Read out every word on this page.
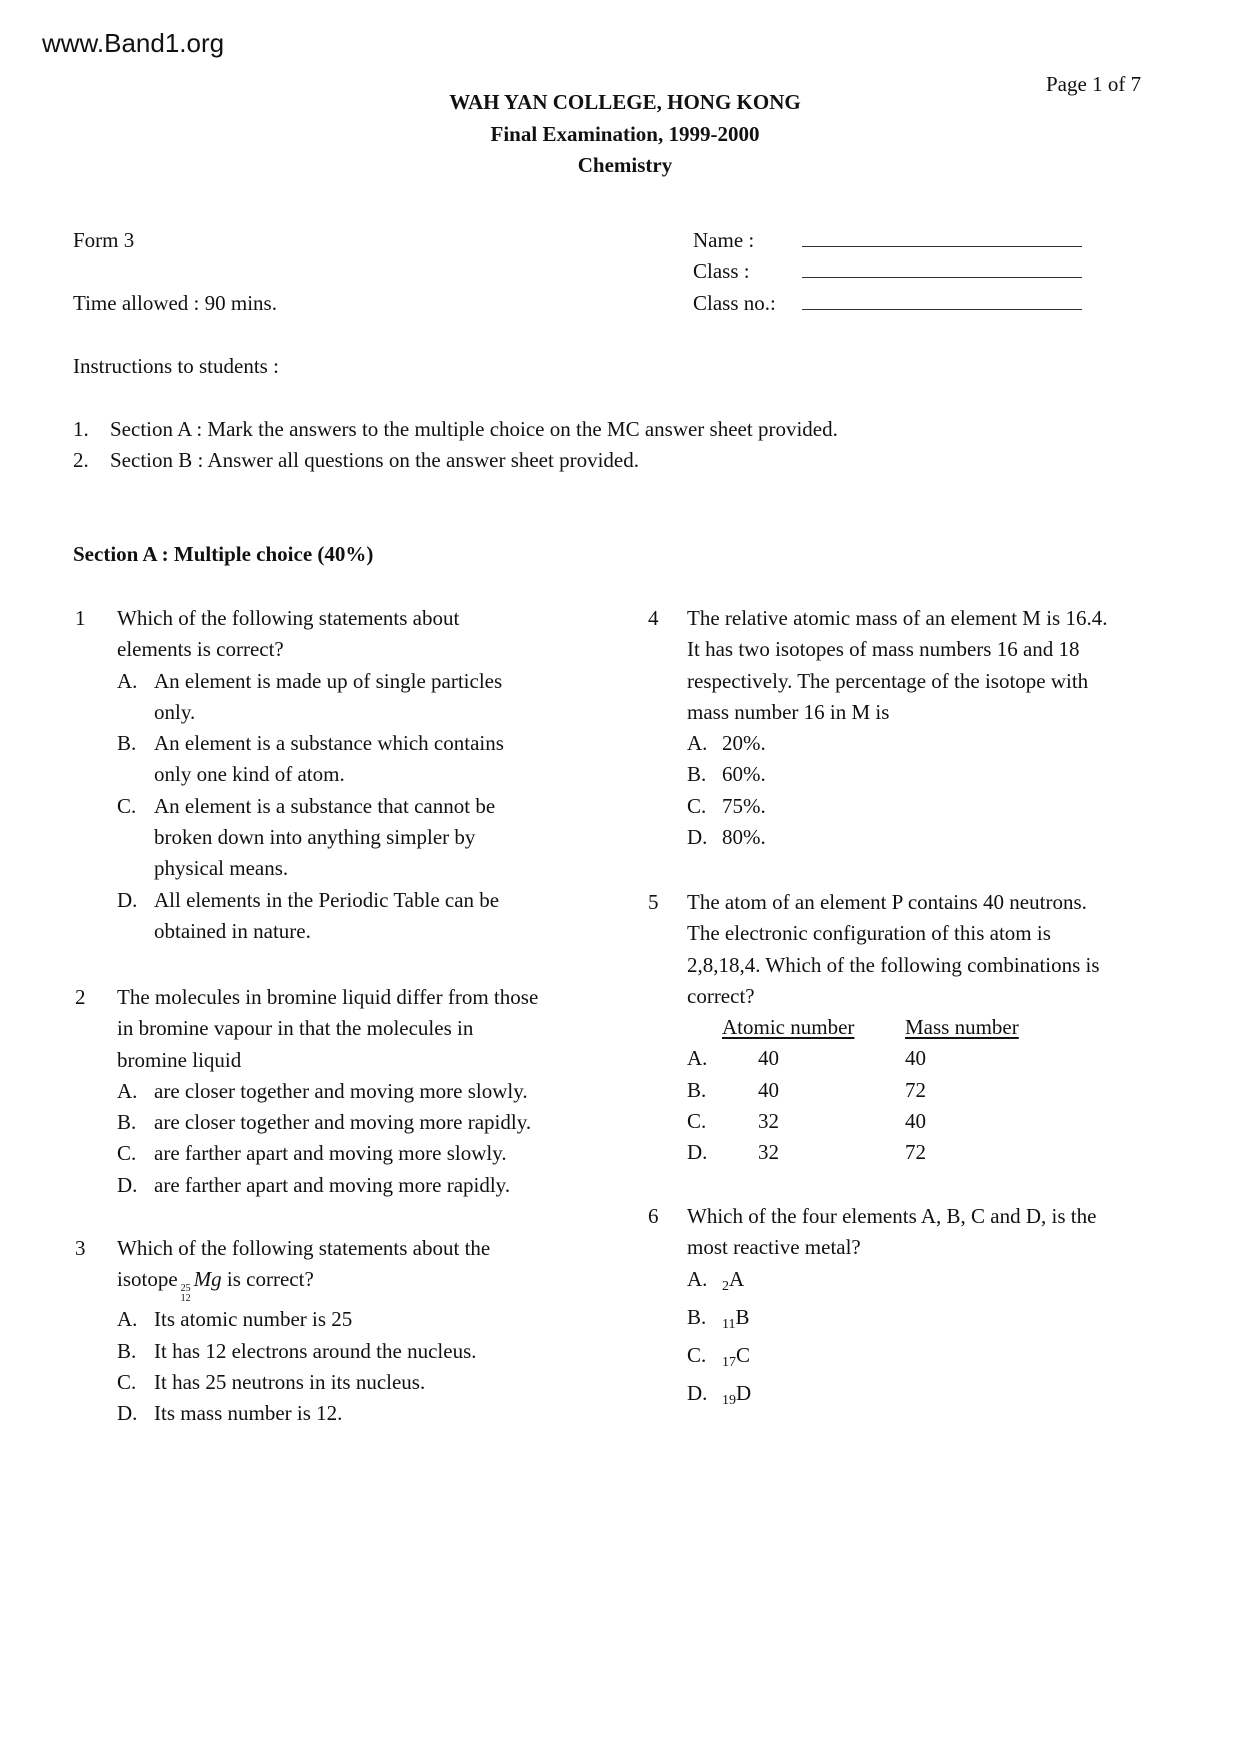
www.Band1.org
Page 1 of 7
WAH YAN COLLEGE, HONG KONG
Final Examination, 1999-2000
Chemistry
Form 3
Time allowed : 90 mins.
Name :
Class :
Class no.:
Instructions to students :
1. Section A : Mark the answers to the multiple choice on the MC answer sheet provided.
2. Section B : Answer all questions on the answer sheet provided.
Section A : Multiple choice (40%)
1 Which of the following statements about
elements is correct?
A. An element is made up of single particles
only.
B. An element is a substance which contains
only one kind of atom.
C. An element is a substance that cannot be
broken down into anything simpler by
physical means.
D. All elements in the Periodic Table can be
obtained in nature.
2 The molecules in bromine liquid differ from those
in bromine vapour in that the molecules in
bromine liquid
A. are closer together and moving more slowly.
B. are closer together and moving more rapidly.
C. are farther apart and moving more slowly.
D. are farther apart and moving more rapidly.
3 Which of the following statements about the
isotope 25
12
Mg is correct?
A. Its atomic number is 25
B. It has 12 electrons around the nucleus.
C. It has 25 neutrons in its nucleus.
D. Its mass number is 12.
4 The relative atomic mass of an element M is 16.4.
It has two isotopes of mass numbers 16 and 18
respectively. The percentage of the isotope with
mass number 16 in M is
A. 20%.
B. 60%.
C. 75%.
D. 80%.
5 The atom of an element P contains 40 neutrons.
The electronic configuration of this atom is
2,8,18,4. Which of the following combinations is
correct?
Atomic number Mass number
A. 40	40
B. 40	72
C. 32	40
D. 32	72
6 Which of the four elements A, B, C and D, is the
most reactive metal?
A.	$_2$A
B.	$_{11}$B
C.	$_{17}$C
D.	$_{19}$D
